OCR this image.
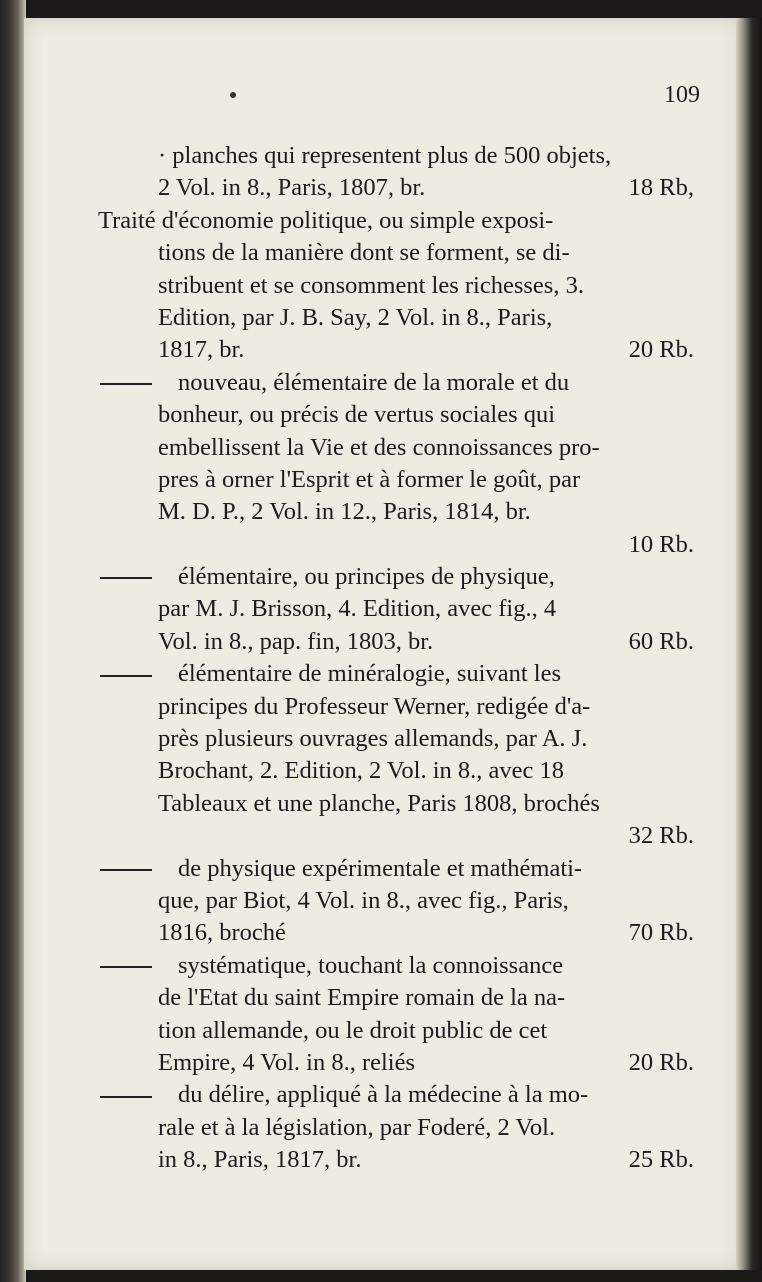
109
· planches qui representent plus de 500 objets,
2 Vol. in 8., Paris, 1807, br.	18 Rb,
Traité d'économie politique, ou simple exposi-
tions de la manière dont se forment, se di-
stribuent et se consomment les richesses, 3.
Edition, par J. B. Say, 2 Vol. in 8., Paris,
1817, br.	20 Rb.
nouveau, élémentaire de la morale et du
bonheur, ou précis de vertus sociales qui
embellissent la Vie et des connoissances pro-
pres à orner l'Esprit et à former le goût, par
M. D. P., 2 Vol. in 12., Paris, 1814, br.
10 Rb.
élémentaire, ou principes de physique,
par M. J. Brisson, 4. Edition, avec fig., 4
Vol. in 8., pap. fin, 1803, br.	60 Rb.
élémentaire de minéralogie, suivant les
principes du Professeur Werner, redigée d'a-
près plusieurs ouvrages allemands, par A. J.
Brochant, 2. Edition, 2 Vol. in 8., avec 18
Tableaux et une planche, Paris 1808, brochés
32 Rb.
de physique expérimentale et mathémati-
que, par Biot, 4 Vol. in 8., avec fig., Paris,
1816, broché	70 Rb.
systématique, touchant la connoissance
de l'Etat du saint Empire romain de la na-
tion allemande, ou le droit public de cet
Empire, 4 Vol. in 8., reliés	20 Rb.
du délire, appliqué à la médecine à la mo-
rale et à la législation, par Foderé, 2 Vol.
in 8., Paris, 1817, br.	25 Rb.
